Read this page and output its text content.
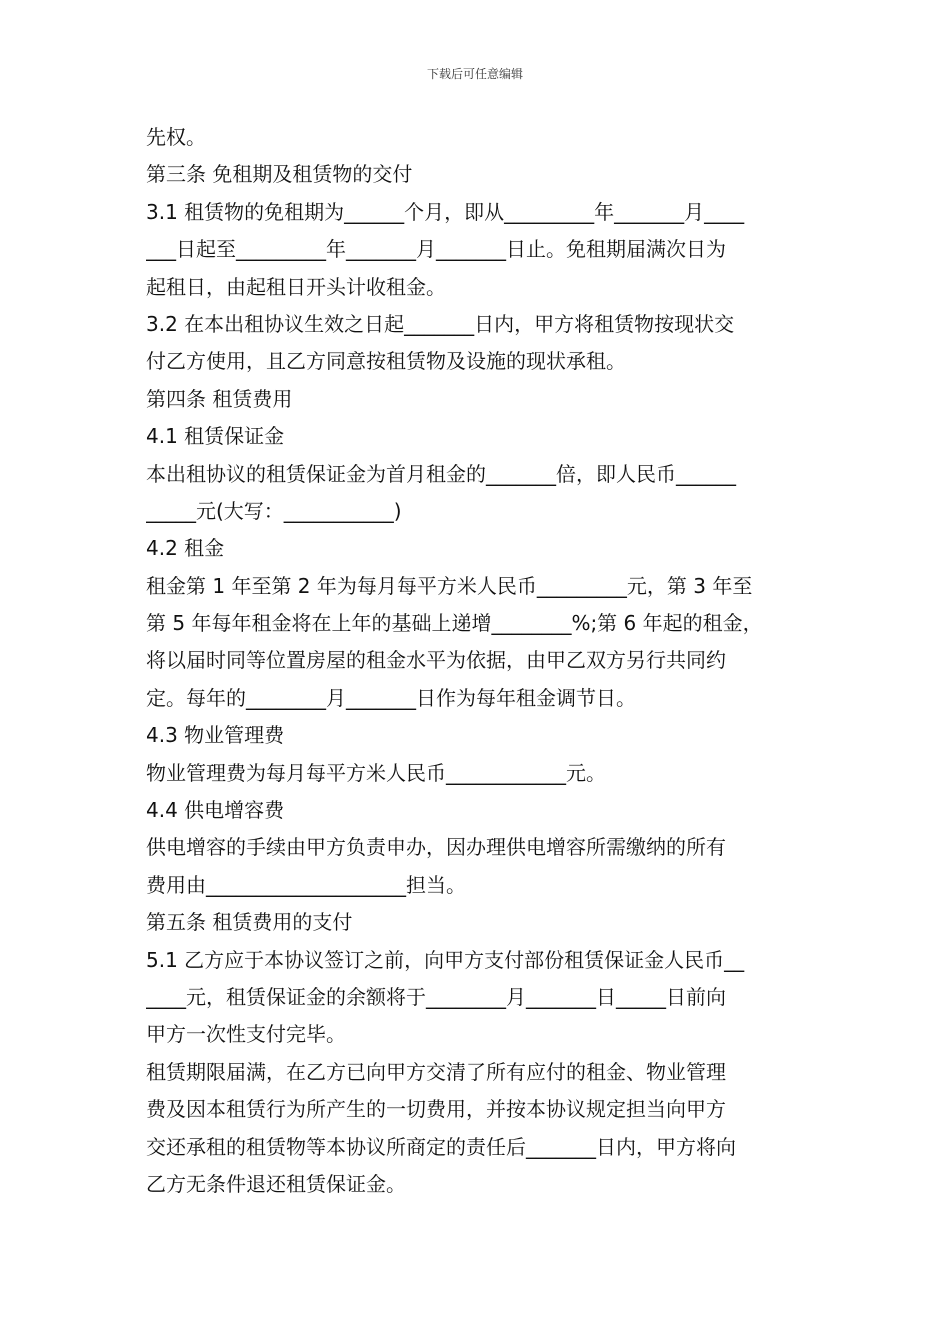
下载后可任意编辑
先权。
第三条 免租期及租赁物的交付
3.1 租赁物的免租期为______个月，即从_________年_______月____
___日起至_________年_______月_______日止。免租期届满次日为
起租日，由起租日开头计收租金。
3.2 在本出租协议生效之日起_______日内，甲方将租赁物按现状交
付乙方使用，且乙方同意按租赁物及设施的现状承租。
第四条 租赁费用
4.1 租赁保证金
本出租协议的租赁保证金为首月租金的_______倍，即人民币______
_____元(大写：___________)
4.2 租金
租金第 1 年至第 2 年为每月每平方米人民币_________元，第 3 年至
第 5 年每年租金将在上年的基础上递增________%;第 6 年起的租金，
将以届时同等位置房屋的租金水平为依据，由甲乙双方另行共同约
定。每年的________月_______日作为每年租金调节日。
4.3 物业管理费
物业管理费为每月每平方米人民币____________元。
4.4 供电增容费
供电增容的手续由甲方负责申办，因办理供电增容所需缴纳的所有
费用由____________________担当。
第五条 租赁费用的支付
5.1 乙方应于本协议签订之前，向甲方支付部份租赁保证金人民币__
____元，租赁保证金的余额将于________月_______日_____日前向
甲方一次性支付完毕。
租赁期限届满，在乙方已向甲方交清了所有应付的租金、物业管理
费及因本租赁行为所产生的一切费用，并按本协议规定担当向甲方
交还承租的租赁物等本协议所商定的责任后_______日内，甲方将向
乙方无条件退还租赁保证金。
